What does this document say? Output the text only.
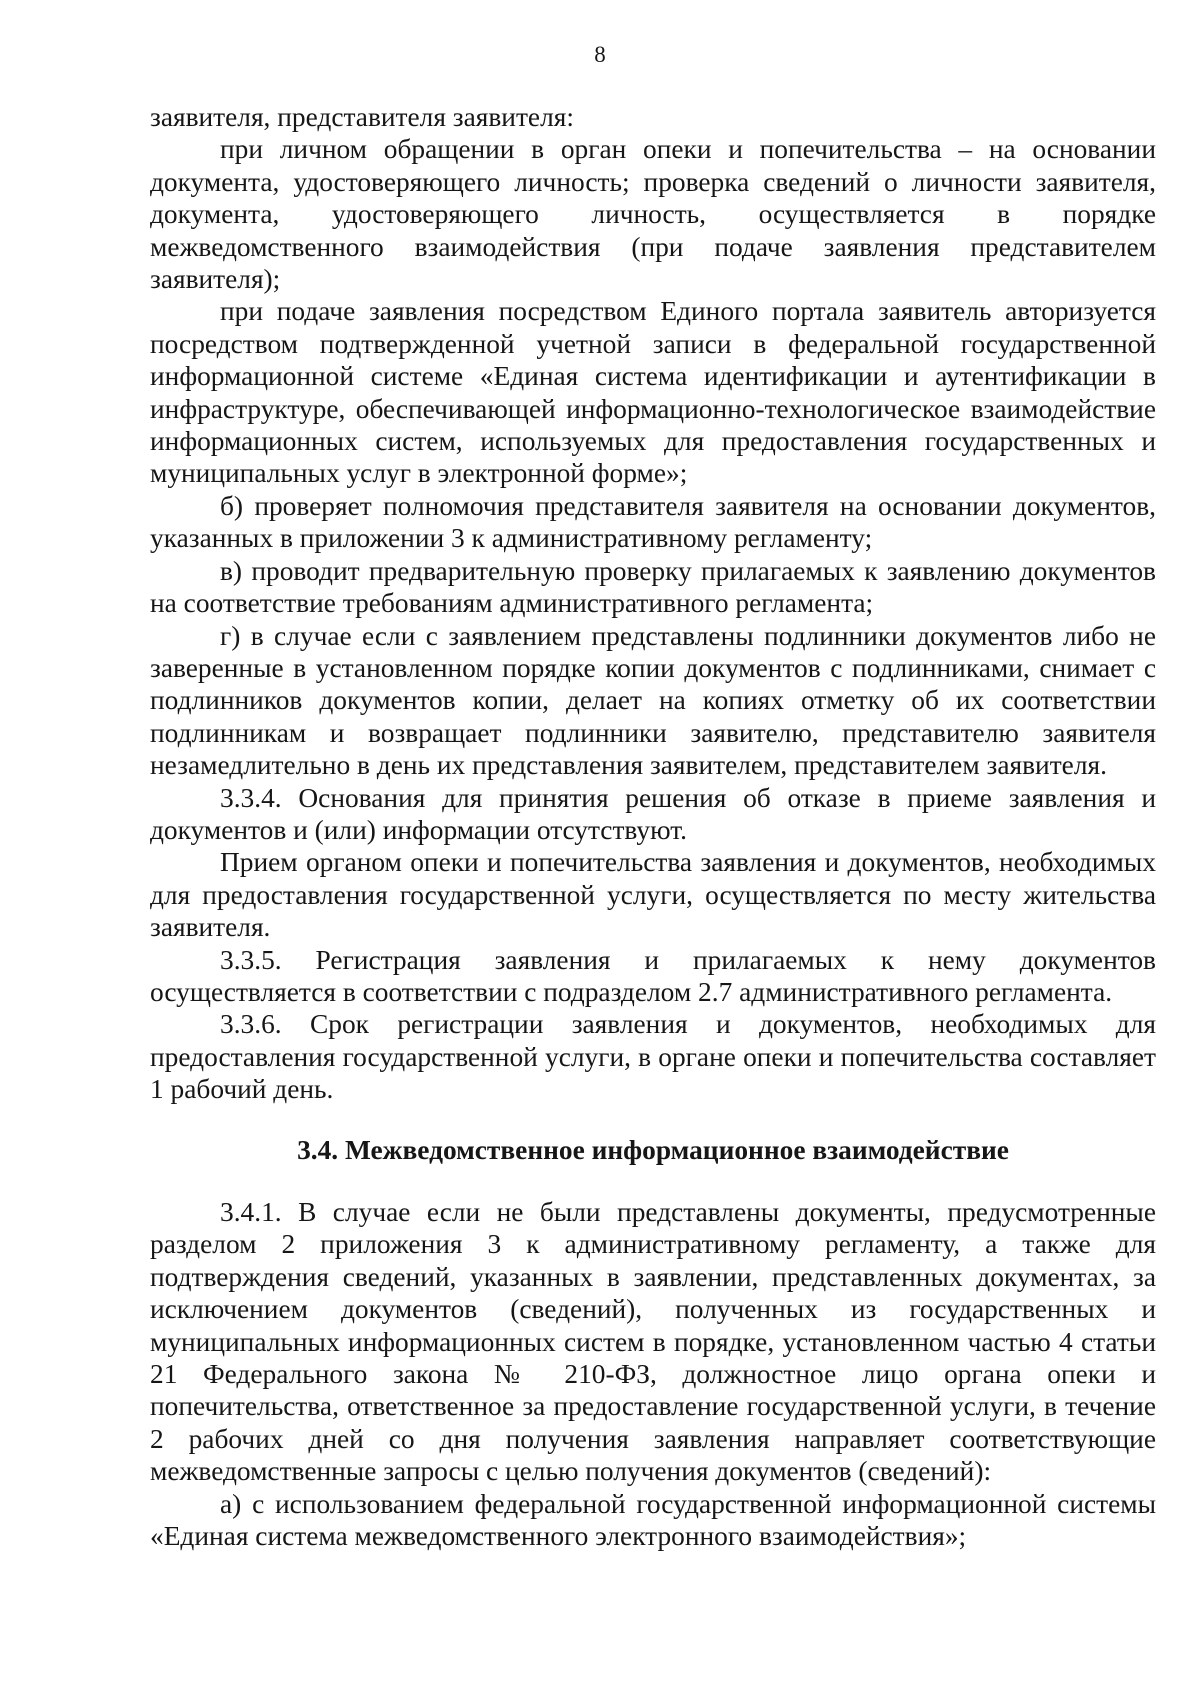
8

заявителя, представителя заявителя:

при личном обращении в орган опеки и попечительства – на основании документа, удостоверяющего личность; проверка сведений о личности заявителя, документа, удостоверяющего личность, осуществляется в порядке межведомственного взаимодействия (при подаче заявления представителем заявителя);

при подаче заявления посредством Единого портала заявитель авторизуется посредством подтвержденной учетной записи в федеральной государственной информационной системе «Единая система идентификации и аутентификации в инфраструктуре, обеспечивающей информационно-технологическое взаимодействие информационных систем, используемых для предоставления государственных и муниципальных услуг в электронной форме»;

б) проверяет полномочия представителя заявителя на основании документов, указанных в приложении 3 к административному регламенту;

в) проводит предварительную проверку прилагаемых к заявлению документов на соответствие требованиям административного регламента;

г) в случае если с заявлением представлены подлинники документов либо не заверенные в установленном порядке копии документов с подлинниками, снимает с подлинников документов копии, делает на копиях отметку об их соответствии подлинникам и возвращает подлинники заявителю, представителю заявителя незамедлительно в день их представления заявителем, представителем заявителя.

3.3.4. Основания для принятия решения об отказе в приеме заявления и документов и (или) информации отсутствуют.

Прием органом опеки и попечительства заявления и документов, необходимых для предоставления государственной услуги, осуществляется по месту жительства заявителя.

3.3.5. Регистрация заявления и прилагаемых к нему документов осуществляется в соответствии с подразделом 2.7 административного регламента.

3.3.6. Срок регистрации заявления и документов, необходимых для предоставления государственной услуги, в органе опеки и попечительства составляет 1 рабочий день.

3.4. Межведомственное информационное взаимодействие

3.4.1. В случае если не были представлены документы, предусмотренные разделом 2 приложения 3 к административному регламенту, а также для подтверждения сведений, указанных в заявлении, представленных документах, за исключением документов (сведений), полученных из государственных и муниципальных информационных систем в порядке, установленном частью 4 статьи 21 Федерального закона № 210-ФЗ, должностное лицо органа опеки и попечительства, ответственное за предоставление государственной услуги, в течение 2 рабочих дней со дня получения заявления направляет соответствующие межведомственные запросы с целью получения документов (сведений):

а) с использованием федеральной государственной информационной системы «Единая система межведомственного электронного взаимодействия»;
